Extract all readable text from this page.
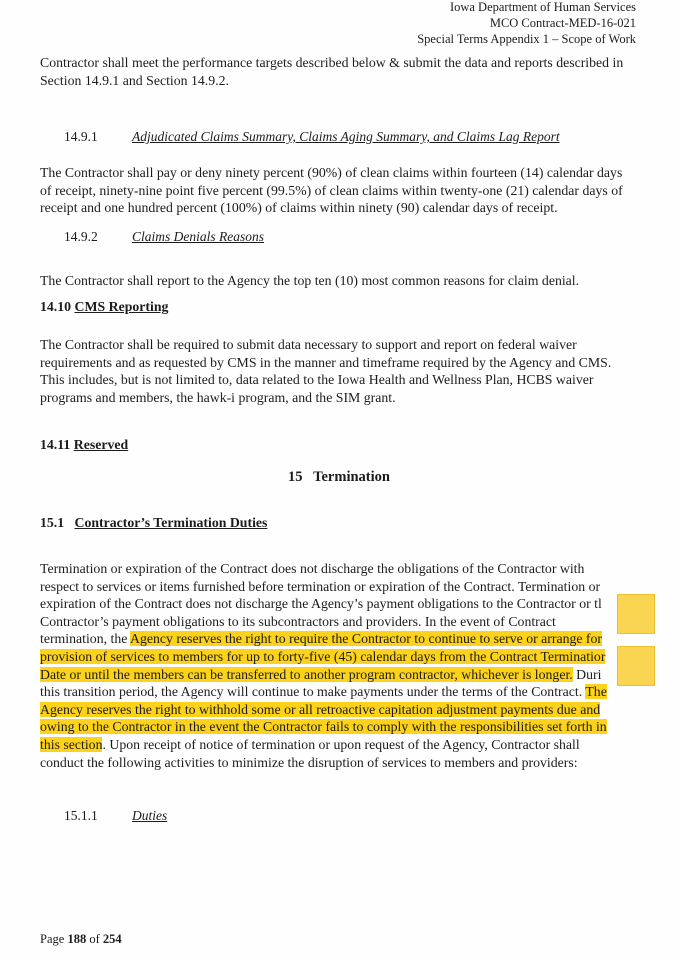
Iowa Department of Human Services
MCO Contract-MED-16-021
Special Terms Appendix 1 – Scope of Work
Contractor shall meet the performance targets described below & submit the data and reports described in
Section 14.9.1 and Section 14.9.2.
14.9.1	Adjudicated Claims Summary, Claims Aging Summary, and Claims Lag Report
The Contractor shall pay or deny ninety percent (90%) of clean claims within fourteen (14) calendar days
of receipt, ninety-nine point five percent (99.5%) of clean claims within twenty-one (21) calendar days of
receipt and one hundred percent (100%) of claims within ninety (90) calendar days of receipt.
14.9.2	Claims Denials Reasons
The Contractor shall report to the Agency the top ten (10) most common reasons for claim denial.
14.10 CMS Reporting
The Contractor shall be required to submit data necessary to support and report on federal waiver
requirements and as requested by CMS in the manner and timeframe required by the Agency and CMS.
This includes, but is not limited to, data related to the Iowa Health and Wellness Plan, HCBS waiver
programs and members, the hawk-i program, and the SIM grant.
14.11 Reserved
15 Termination
15.1 Contractor’s Termination Duties
Termination or expiration of the Contract does not discharge the obligations of the Contractor with
respect to services or items furnished before termination or expiration of the Contract. Termination or
expiration of the Contract does not discharge the Agency’s payment obligations to the Contractor or tl
Contractor’s payment obligations to its subcontractors and providers. In the event of Contract
termination, the Agency reserves the right to require the Contractor to continue to serve or arrange for
provision of services to members for up to forty-five (45) calendar days from the Contract Terminatior
Date or until the members can be transferred to another program contractor, whichever is longer. Duri
this transition period, the Agency will continue to make payments under the terms of the Contract. The
Agency reserves the right to withhold some or all retroactive capitation adjustment payments due and
owing to the Contractor in the event the Contractor fails to comply with the responsibilities set forth in
this section. Upon receipt of notice of termination or upon request of the Agency, Contractor shall
conduct the following activities to minimize the disruption of services to members and providers:
15.1.1	Duties
Page 188 of 254
